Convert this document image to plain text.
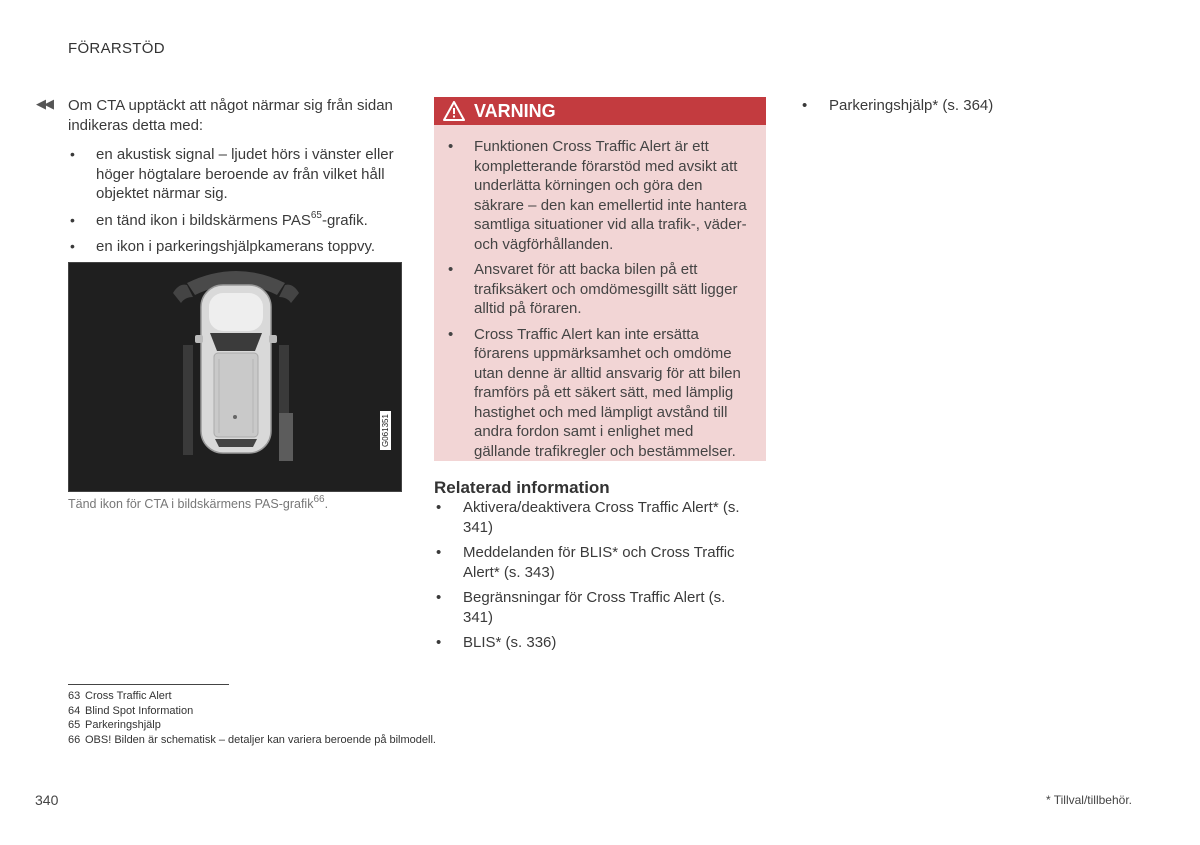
FÖRARSTÖD
◀◀ Om CTA upptäckt att något närmar sig från sidan indikeras detta med:

• en akustisk signal – ljudet hörs i vänster eller höger högtalare beroende av från vilket håll objektet närmar sig.
• en tänd ikon i bildskärmens PAS$^{65}$-grafik.
• en ikon i parkeringshjälpkamerans toppvy.
G061351
Tänd ikon för CTA i bildskärmens PAS-grafik$^{66}$.
VARNING
• Funktionen Cross Traffic Alert är ett kompletterande förarstöd med avsikt att underlätta körningen och göra den säkrare – den kan emellertid inte hantera samtliga situationer vid alla trafik-, väder- och vägförhållanden.
• Ansvaret för att backa bilen på ett trafiksäkert och omdömesgillt sätt ligger alltid på föraren.
• Cross Traffic Alert kan inte ersätta förarens uppmärksamhet och omdöme utan denne är alltid ansvarig för att bilen framförs på ett säkert sätt, med lämplig hastighet och med lämpligt avstånd till andra fordon samt i enlighet med gällande trafikregler och bestämmelser.
Relaterad information
• Aktivera/deaktivera Cross Traffic Alert* (s. 341)
• Meddelanden för BLIS* och Cross Traffic Alert* (s. 343)
• Begränsningar för Cross Traffic Alert (s. 341)
• BLIS* (s. 336)
• Parkeringshjälp* (s. 364)
63 Cross Traffic Alert
64 Blind Spot Information
65 Parkeringshjälp
66 OBS! Bilden är schematisk – detaljer kan variera beroende på bilmodell.
340	* Tillval/tillbehör.
